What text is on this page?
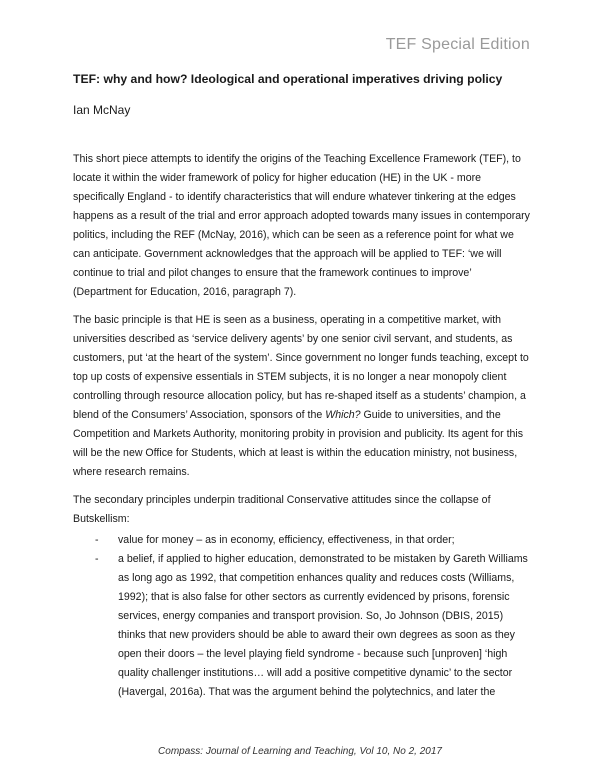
TEF Special Edition
TEF: why and how? Ideological and operational imperatives driving policy
Ian McNay

This short piece attempts to identify the origins of the Teaching Excellence Framework (TEF), to locate it within the wider framework of policy for higher education (HE) in the UK - more specifically England - to identify characteristics that will endure whatever tinkering at the edges happens as a result of the trial and error approach adopted towards many issues in contemporary politics, including the REF (McNay, 2016), which can be seen as a reference point for what we can anticipate. Government acknowledges that the approach will be applied to TEF: ‘we will continue to trial and pilot changes to ensure that the framework continues to improve’ (Department for Education, 2016, paragraph 7).

The basic principle is that HE is seen as a business, operating in a competitive market, with universities described as ‘service delivery agents’ by one senior civil servant, and students, as customers, put ‘at the heart of the system’. Since government no longer funds teaching, except to top up costs of expensive essentials in STEM subjects, it is no longer a near monopoly client controlling through resource allocation policy, but has re-shaped itself as a students’ champion, a blend of the Consumers’ Association, sponsors of the Which? Guide to universities, and the Competition and Markets Authority, monitoring probity in provision and publicity. Its agent for this will be the new Office for Students, which at least is within the education ministry, not business, where research remains.

The secondary principles underpin traditional Conservative attitudes since the collapse of Butskellism:

- value for money – as in economy, efficiency, effectiveness, in that order;
- a belief, if applied to higher education, demonstrated to be mistaken by Gareth Williams as long ago as 1992, that competition enhances quality and reduces costs (Williams, 1992); that is also false for other sectors as currently evidenced by prisons, forensic services, energy companies and transport provision. So, Jo Johnson (DBIS, 2015) thinks that new providers should be able to award their own degrees as soon as they open their doors – the level playing field syndrome - because such [unproven] ‘high quality challenger institutions… will add a positive competitive dynamic’ to the sector (Havergal, 2016a). That was the argument behind the polytechnics, and later the
Compass: Journal of Learning and Teaching, Vol 10, No 2, 2017
